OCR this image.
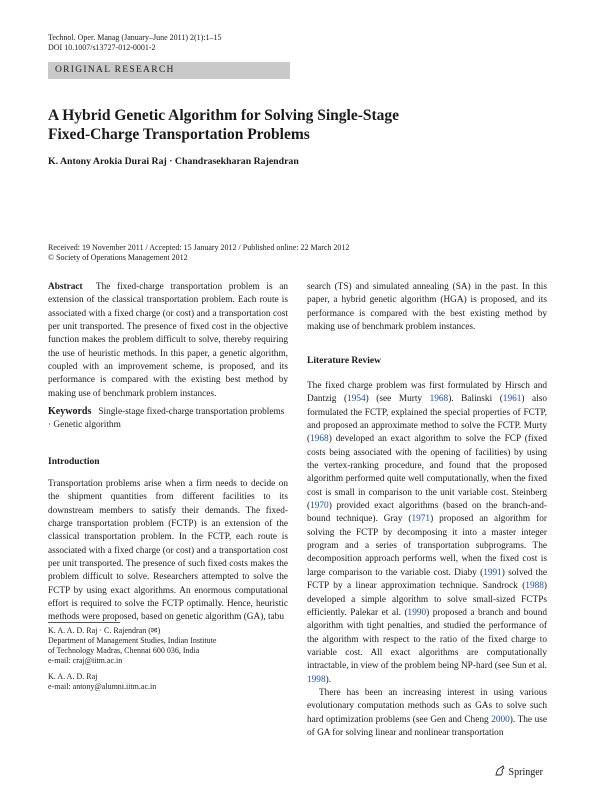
Technol. Oper. Manag (January–June 2011) 2(1):1–15
DOI 10.1007/s13727-012-0001-2
ORIGINAL RESEARCH
A Hybrid Genetic Algorithm for Solving Single-Stage
Fixed-Charge Transportation Problems
K. Antony Arokia Durai Raj · Chandrasekharan Rajendran
Received: 19 November 2011 / Accepted: 15 January 2012 / Published online: 22 March 2012
© Society of Operations Management 2012

Abstract The fixed-charge transportation problem is an extension of the classical transportation problem. Each route is associated with a fixed charge (or cost) and a transportation cost per unit transported. The presence of fixed cost in the objective function makes the problem difficult to solve, thereby requiring the use of heuristic methods. In this paper, a genetic algorithm, coupled with an improvement scheme, is proposed, and its performance is compared with the existing best method by making use of benchmark problem instances.

Keywords Single-stage fixed-charge transportation problems · Genetic algorithm

Introduction

Transportation problems arise when a firm needs to decide on the shipment quantities from different facilities to its downstream members to satisfy their demands. The fixed-charge transportation problem (FCTP) is an extension of the classical transportation problem. In the FCTP, each route is associated with a fixed charge (or cost) and a transportation cost per unit transported. The presence of such fixed costs makes the problem difficult to solve. Researchers attempted to solve the FCTP by using exact algorithms. An enormous computational effort is required to solve the FCTP optimally. Hence, heuristic methods were proposed, based on genetic algorithm (GA), tabu

K. A. A. D. Raj · C. Rajendran (✉)
Department of Management Studies, Indian Institute
of Technology Madras, Chennai 600 036, India
e-mail: craj@iitm.ac.in
K. A. A. D. Raj
e-mail: antony@alumni.iitm.ac.in

search (TS) and simulated annealing (SA) in the past. In this paper, a hybrid genetic algorithm (HGA) is proposed, and its performance is compared with the best existing method by making use of benchmark problem instances.

Literature Review

The fixed charge problem was first formulated by Hirsch and Dantzig (1954) (see Murty 1968). Balinski (1961) also formulated the FCTP, explained the special properties of FCTP, and proposed an approximate method to solve the FCTP. Murty (1968) developed an exact algorithm to solve the FCP (fixed costs being associated with the opening of facilities) by using the vertex-ranking procedure, and found that the proposed algorithm performed quite well computationally, when the fixed cost is small in comparison to the unit variable cost. Steinberg (1970) provided exact algorithms (based on the branch-and-bound technique). Gray (1971) proposed an algorithm for solving the FCTP by decomposing it into a master integer program and a series of transportation subprograms. The decomposition approach performs well, when the fixed cost is large comparison to the variable cost. Diaby (1991) solved the FCTP by a linear approximation technique. Sandrock (1988) developed a simple algorithm to solve small-sized FCTPs efficiently. Palekar et al. (1990) proposed a branch and bound algorithm with tight penalties, and studied the performance of the algorithm with respect to the ratio of the fixed charge to variable cost. All exact algorithms are computationally intractable, in view of the problem being NP-hard (see Sun et al. 1998).

There has been an increasing interest in using various evolutionary computation methods such as GAs to solve such hard optimization problems (see Gen and Cheng 2000). The use of GA for solving linear and nonlinear transportation

Springer
